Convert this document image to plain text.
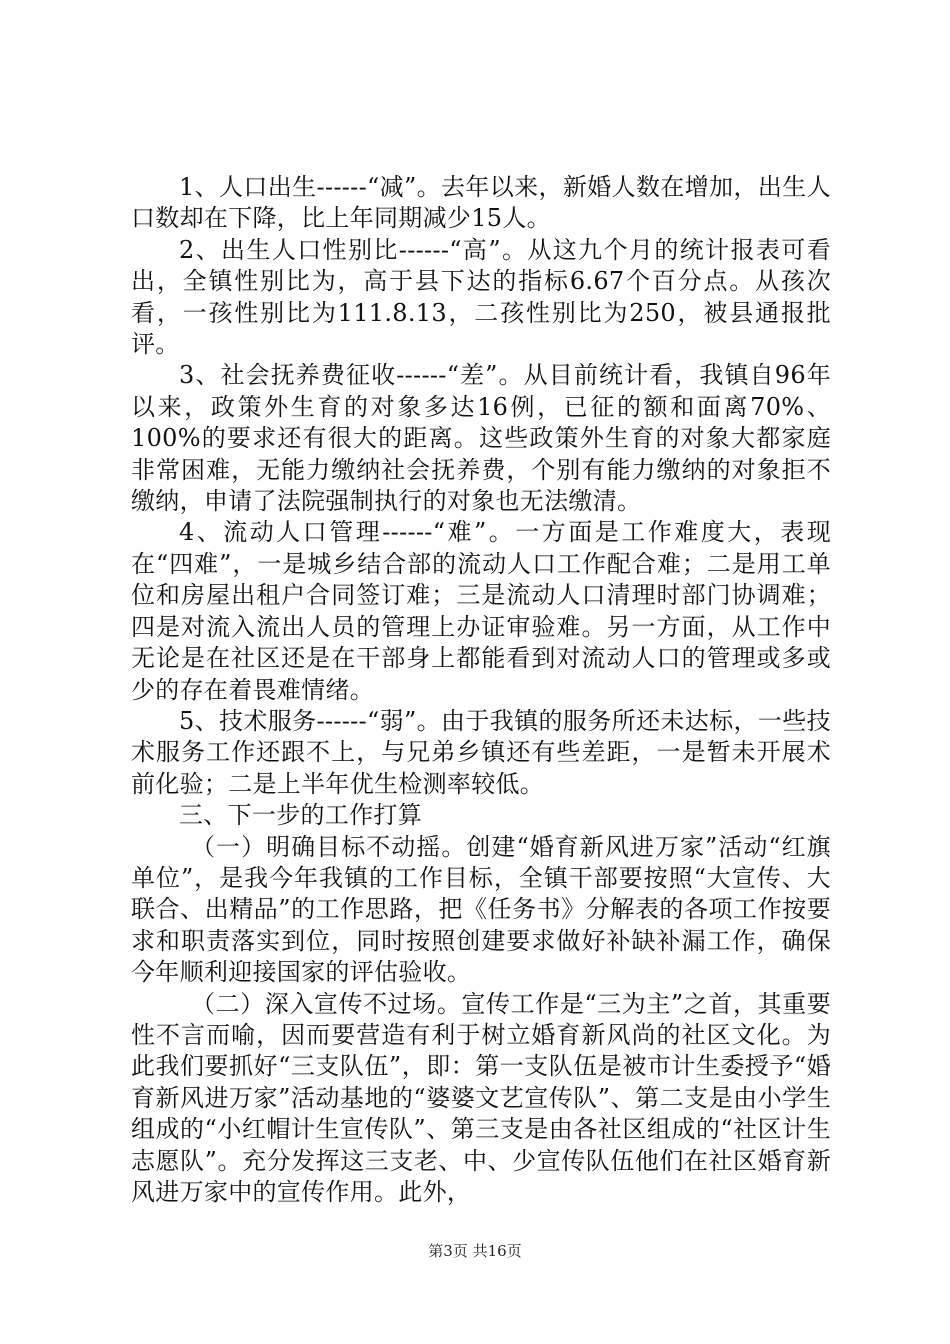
1、人口出生------“减”。去年以来，新婚人数在增加，出生人口数却在下降，比上年同期减少15人。

2、出生人口性别比------“高”。从这九个月的统计报表可看出，全镇性别比为，高于县下达的指标6.67个百分点。从孩次看，一孩性别比为111.8.13，二孩性别比为250，被县通报批评。

3、社会抚养费征收------“差”。从目前统计看，我镇自96年以来，政策外生育的对象多达16例，已征的额和面离70%、100%的要求还有很大的距离。这些政策外生育的对象大都家庭非常困难，无能力缴纳社会抚养费，个别有能力缴纳的对象拒不缴纳，申请了法院强制执行的对象也无法缴清。

4、流动人口管理------“难”。一方面是工作难度大，表现在“四难”，一是城乡结合部的流动人口工作配合难；二是用工单位和房屋出租户合同签订难；三是流动人口清理时部门协调难；四是对流入流出人员的管理上办证审验难。另一方面，从工作中无论是在社区还是在干部身上都能看到对流动人口的管理或多或少的存在着畏难情绪。

5、技术服务------“弱”。由于我镇的服务所还未达标，一些技术服务工作还跟不上，与兄弟乡镇还有些差距，一是暂未开展术前化验；二是上半年优生检测率较低。

三、下一步的工作打算

（一）明确目标不动摇。创建“婚育新风进万家”活动“红旗单位”，是我今年我镇的工作目标，全镇干部要按照“大宣传、大联合、出精品”的工作思路，把《任务书》分解表的各项工作按要求和职责落实到位，同时按照创建要求做好补缺补漏工作，确保今年顺利迎接国家的评估验收。

（二）深入宣传不过场。宣传工作是“三为主”之首，其重要性不言而喻，因而要营造有利于树立婚育新风尚的社区文化。为此我们要抓好“三支队伍”，即：第一支队伍是被市计生委授予“婚育新风进万家”活动基地的“婆婆文艺宣传队”、第二支是由小学生组成的“小红帽计生宣传队”、第三支是由各社区组成的“社区计生志愿队”。充分发挥这三支老、中、少宣传队伍他们在社区婚育新风进万家中的宣传作用。此外，

第3页 共16页
